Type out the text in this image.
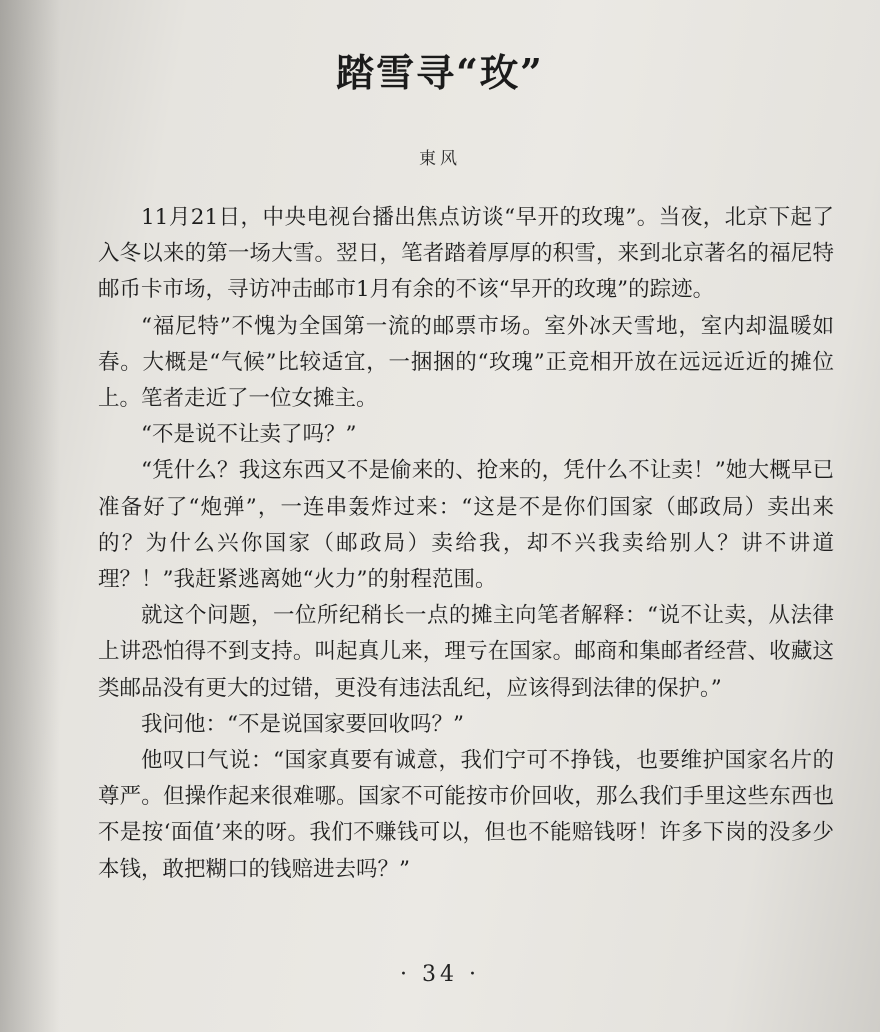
踏雪寻“玫”
東风

11月21日，中央电视台播出焦点访谈“早开的玫瑰”。当夜，北京下起了入冬以来的第一场大雪。翌日，笔者踏着厚厚的积雪，来到北京著名的福尼特邮币卡市场，寻访冲击邮市1月有余的不该“早开的玫瑰”的踪迹。

“福尼特”不愧为全国第一流的邮票市场。室外冰天雪地，室内却温暖如春。大概是“气候”比较适宜，一捆捆的“玫瑰”正竞相开放在远远近近的摊位上。笔者走近了一位女摊主。

“不是说不让卖了吗？”

“凭什么？我这东西又不是偷来的、抢来的，凭什么不让卖！”她大概早已准备好了“炮弹”，一连串轰炸过来：“这是不是你们国家（邮政局）卖出来的？为什么兴你国家（邮政局）卖给我，却不兴我卖给别人？讲不讲道理？！”我赶紧逃离她“火力”的射程范围。

就这个问题，一位所纪稍长一点的摊主向笔者解释：“说不让卖，从法律上讲恐怕得不到支持。叫起真儿来，理亏在国家。邮商和集邮者经营、收藏这类邮品没有更大的过错，更没有违法乱纪，应该得到法律的保护。”

我问他：“不是说国家要回收吗？”

他叹口气说：“国家真要有诚意，我们宁可不挣钱，也要维护国家名片的尊严。但操作起来很难哪。国家不可能按市价回收，那么我们手里这些东西也不是按‘面值’来的呀。我们不赚钱可以，但也不能赔钱呀！许多下岗的没多少本钱，敢把糊口的钱赔进去吗？”

· 34 ·
